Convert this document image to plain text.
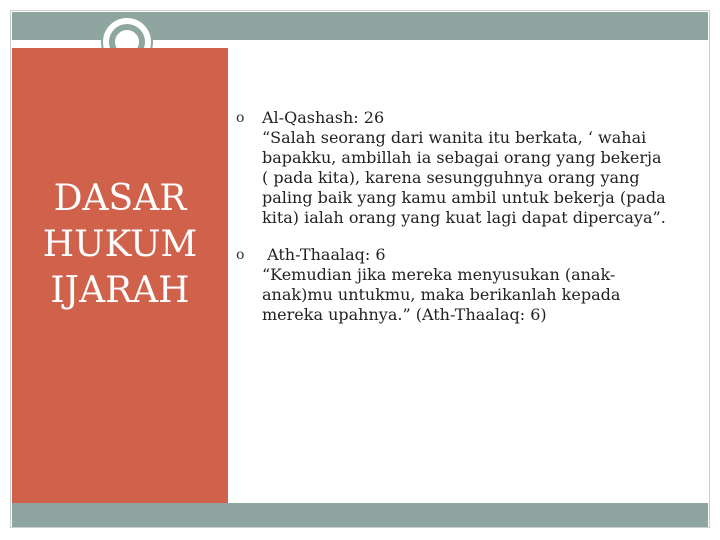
DASAR
HUKUM
IJARAH
o Al-Qashash: 26
“Salah seorang dari wanita itu berkata, ‘ wahai
bapakku, ambillah ia sebagai orang yang bekerja
( pada kita), karena sesungguhnya orang yang
paling baik yang kamu ambil untuk bekerja (pada
kita) ialah orang yang kuat lagi dapat dipercaya”.
o Ath-Thaalaq: 6
“Kemudian jika mereka menyusukan (anak-
anak)mu untukmu, maka berikanlah kepada
mereka upahnya.” (Ath-Thaalaq: 6)
